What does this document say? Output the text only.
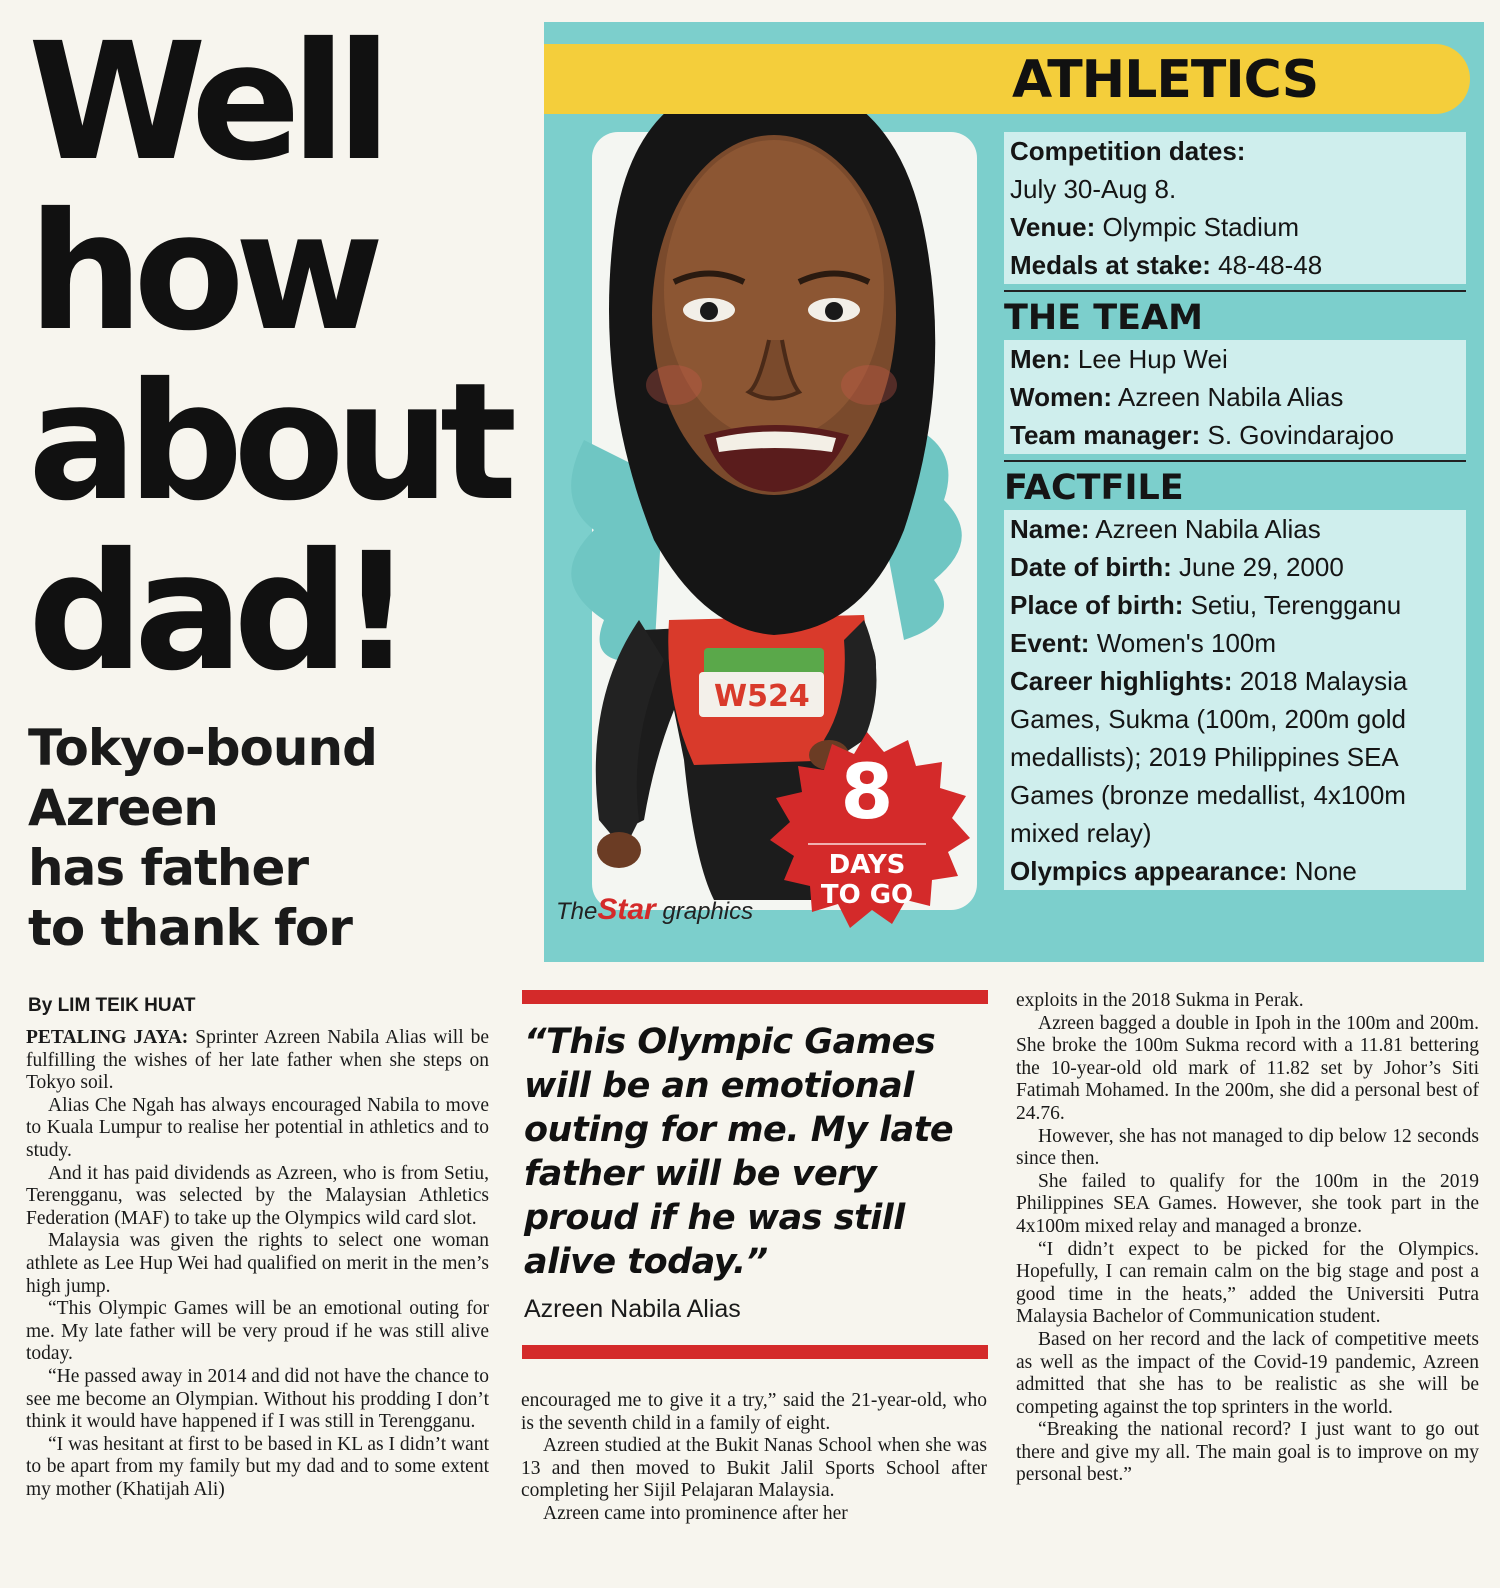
Well
how
about
dad!
Tokyo-bound
Azreen
has father
to thank for
By LIM TEIK HUAT
W524
8
DAYS
TO GO
TheStar graphics
ATHLETICS
Competition dates:
July 30-Aug 8.
Venue: Olympic Stadium
Medals at stake: 48-48-48
THE TEAM
Men: Lee Hup Wei
Women: Azreen Nabila Alias
Team manager: S. Govindarajoo
FACTFILE
Name: Azreen Nabila Alias
Date of birth: June 29, 2000
Place of birth: Setiu, Terengganu
Event: Women's 100m
Career highlights: 2018 Malaysia Games, Sukma (100m, 200m gold medallists); 2019 Philippines SEA Games (bronze medallist, 4x100m mixed relay)
Olympics appearance: None

PETALING JAYA: Sprinter Azreen Nabila Alias will be fulfilling the wishes of her late father when she steps on Tokyo soil.

Alias Che Ngah has always encouraged Nabila to move to Kuala Lumpur to realise her potential in athletics and to study.

And it has paid dividends as Azreen, who is from Setiu, Terengganu, was selected by the Malaysian Athletics Federation (MAF) to take up the Olympics wild card slot.

Malaysia was given the rights to select one woman athlete as Lee Hup Wei had qualified on merit in the men’s high jump.

“This Olympic Games will be an emotional outing for me. My late father will be very proud if he was still alive today.

“He passed away in 2014 and did not have the chance to see me become an Olympian. Without his prodding I don’t think it would have happened if I was still in Terengganu.

“I was hesitant at first to be based in KL as I didn’t want to be apart from my family but my dad and to some extent my mother (Khatijah Ali)

“This Olympic Games will be an emotional outing for me. My late father will be very proud if he was still alive today.”
Azreen Nabila Alias

encouraged me to give it a try,” said the 21-year-old, who is the seventh child in a family of eight.

Azreen studied at the Bukit Nanas School when she was 13 and then moved to Bukit Jalil Sports School after completing her Sijil Pelajaran Malaysia.

Azreen came into prominence after her

exploits in the 2018 Sukma in Perak.

Azreen bagged a double in Ipoh in the 100m and 200m. She broke the 100m Sukma record with a 11.81 bettering the 10-year-old old mark of 11.82 set by Johor’s Siti Fatimah Mohamed. In the 200m, she did a personal best of 24.76.

However, she has not managed to dip below 12 seconds since then.

She failed to qualify for the 100m in the 2019 Philippines SEA Games. However, she took part in the 4x100m mixed relay and managed a bronze.

“I didn’t expect to be picked for the Olympics. Hopefully, I can remain calm on the big stage and post a good time in the heats,” added the Universiti Putra Malaysia Bachelor of Communication student.

Based on her record and the lack of competitive meets as well as the impact of the Covid-19 pandemic, Azreen admitted that she has to be realistic as she will be competing against the top sprinters in the world.

“Breaking the national record? I just want to go out there and give my all. The main goal is to improve on my personal best.”
